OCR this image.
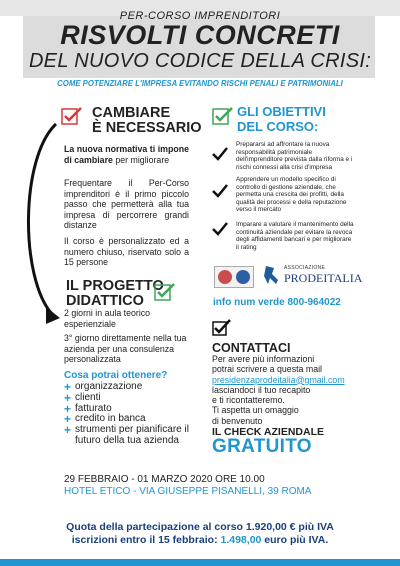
PER-CORSO IMPRENDITORI
RISVOLTI CONCRETI
DEL NUOVO CODICE DELLA CRISI:
COME POTENZIARE L'IMPRESA EVITANDO RISCHI PENALI E PATRIMONIALI
CAMBIARE
È NECESSARIO
La nuova normativa ti impone di cambiare per migliorare
Frequentare il Per-Corso imprenditori è il primo piccolo passo che permetterà alla tua impresa di percorrere grandi distanze
Il corso è personalizzato ed a numero chiuso, riservato solo a 15 persone
IL PROGETTO
DIDATTICO
2 giorni in aula teorico esperienziale
3° giorno direttamente nella tua azienda per una consulenza personalizzata
Cosa potrai ottenere?
+ organizzazione
+ clienti
+ fatturato
+ credito in banca
+ strumenti per pianificare il futuro della tua azienda
GLI OBIETTIVI
DEL CORSO:
Prepararsi ad affrontare la nuova responsabilità patrimoniale dell'imprenditore prevista dalla riforma e i rischi connessi alla crisi d'impresa
Apprendere un modello specifico di controllo di gestione aziendale, che permetta una crescita dei profitti, della qualità dei processi e della reputazione verso il mercato
Imparare a valutare il mantenimento della continuità aziendale per evitare la revoca degli affidamenti bancari e per migliorare il rating
ASSOCIAZIONE
PRODEITALIA
info num verde 800-964022
CONTATTACI
Per avere più informazioni
potrai scrivere a questa mail
presidenzaprodeitalia@gmail.com
lasciandoci il tuo recapito
e ti ricontatteremo.
Ti aspetta un omaggio
di benvenuto
IL CHECK AZIENDALE
GRATUITO
29 FEBBRAIO - 01 MARZO 2020 ORE 10.00
HOTEL ETICO - VIA GIUSEPPE PISANELLI, 39 ROMA
Quota della partecipazione al corso 1.920,00 € più IVA
iscrizioni entro il 15 febbraio: 1.498,00 euro più IVA.
